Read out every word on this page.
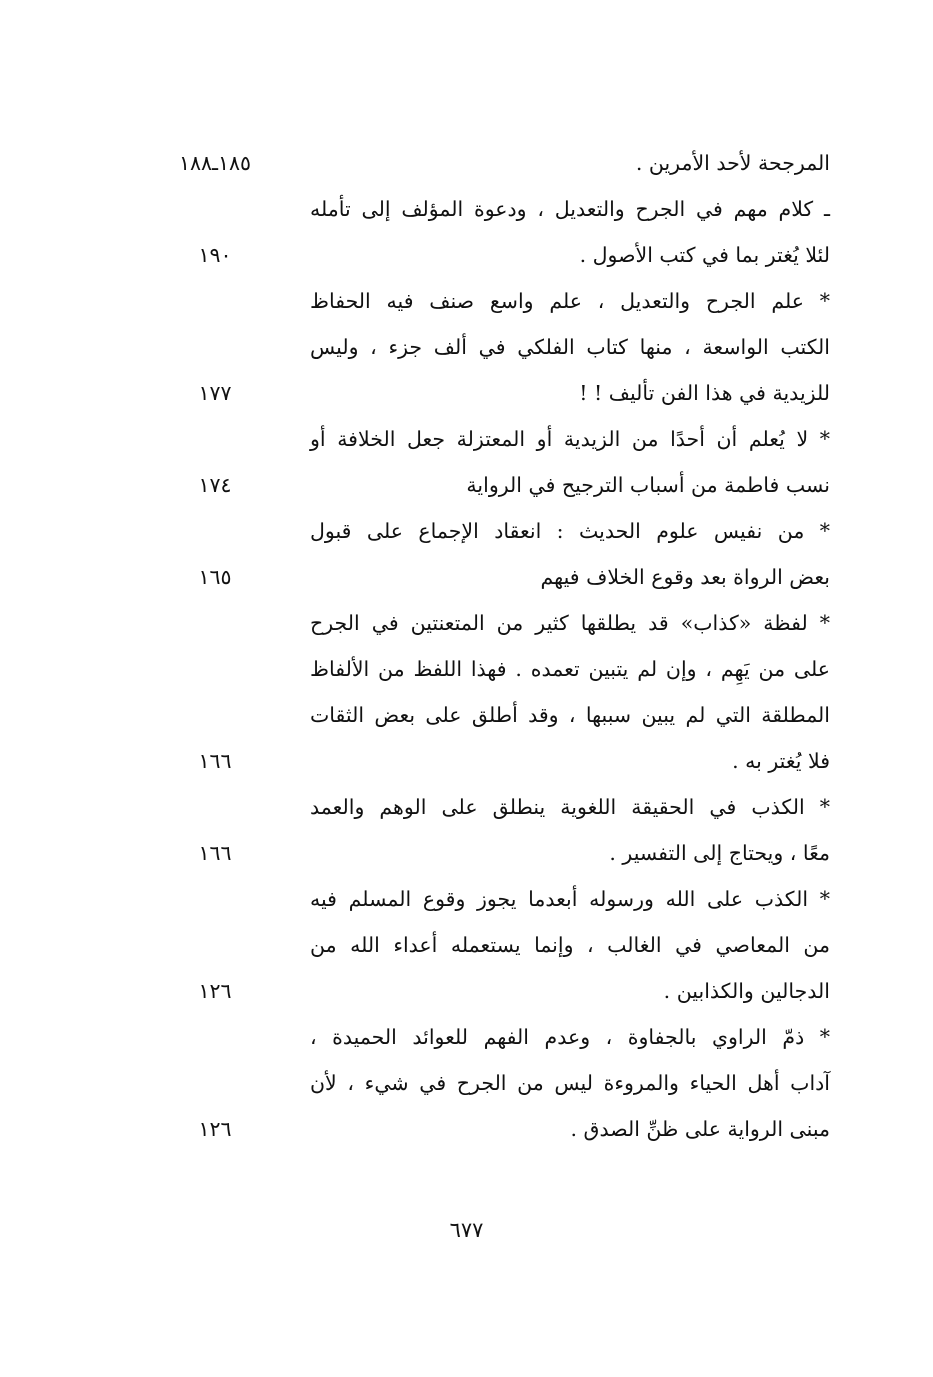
المرجحة لأحد الأمرين .
١٨٥ـ١٨٨
ـ كلام مهم في الجرح والتعديل ، ودعوة المؤلف إلى تأمله
لئلا يُغتر بما في كتب الأصول .
١٩٠
* علم الجرح والتعديل ، علم واسع صنف فيه الحفاظ
الكتب الواسعة ، منها كتاب الفلكي في ألف جزء ، وليس
للزيدية في هذا الفن تأليف ! !
١٧٧
* لا يُعلم أن أحدًا من الزيدية أو المعتزلة جعل الخلافة أو
نسب فاطمة من أسباب الترجيح في الرواية
١٧٤
* من نفيس علوم الحديث : انعقاد الإجماع على قبول
بعض الرواة بعد وقوع الخلاف فيهم
١٦٥
* لفظة «كذاب» قد يطلقها كثير من المتعنتين في الجرح
على من يَهِم ، وإن لم يتبين تعمده . فهذا اللفظ من الألفاظ
المطلقة التي لم يبين سببها ، وقد أطلق على بعض الثقات
فلا يُغتر به .
١٦٦
* الكذب في الحقيقة اللغوية ينطلق على الوهم والعمد
معًا ، ويحتاج إلى التفسير .
١٦٦
* الكذب على الله ورسوله أبعدما يجوز وقوع المسلم فيه
من المعاصي في الغالب ، وإنما يستعمله أعداء الله من
الدجالين والكذابين .
١٢٦
* ذمّ الراوي بالجفاوة ، وعدم الفهم للعوائد الحميدة ،
آداب أهل الحياء والمروءة ليس من الجرح في شيء ، لأن
مبنى الرواية على ظنِّ الصدق .
١٢٦
٦٧٧
